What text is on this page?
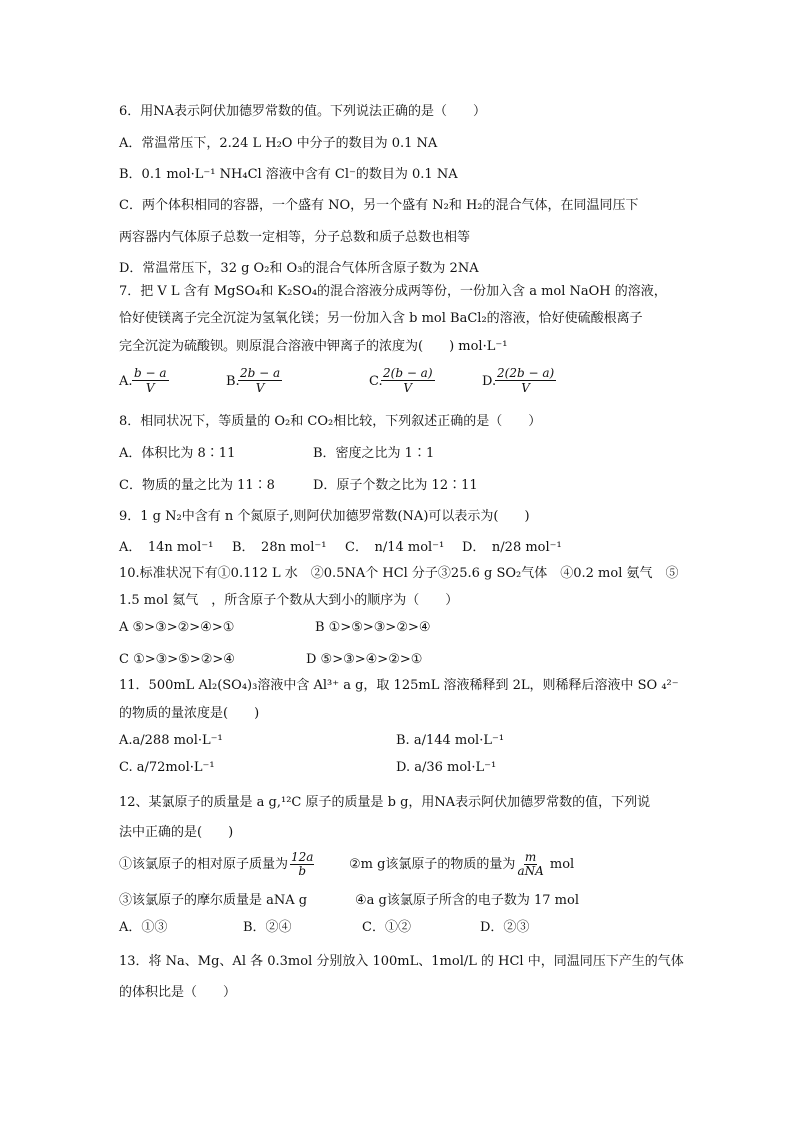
6．用NA表示阿伏加德罗常数的值。下列说法正确的是（　　）
A．常温常压下，2.24 L H₂O 中分子的数目为 0.1 NA
B．0.1 mol·L⁻¹ NH₄Cl 溶液中含有 Cl⁻的数目为 0.1 NA
C．两个体积相同的容器，一个盛有 NO，另一个盛有 N₂和 H₂的混合气体，在同温同压下
两容器内气体原子总数一定相等，分子总数和质子总数也相等
D．常温常压下，32 g O₂和 O₃的混合气体所含原子数为 2NA
7．把 V L 含有 MgSO₄和 K₂SO₄的混合溶液分成两等份，一份加入含 a mol NaOH 的溶液，
恰好使镁离子完全沉淀为氢氧化镁；另一份加入含 b mol BaCl₂的溶液，恰好使硫酸根离子
完全沉淀为硫酸钡。则原混合溶液中钾离子的浓度为(　　) mol·L⁻¹
A. $\frac{b - a}{V}$	B.
$\frac{2b - a}{V}$	C.
$\frac{2(b - a)}{V}$	D.
$\frac{2(2b - a)}{V}$
8．相同状况下，等质量的 O₂和 CO₂相比较，下列叙述正确的是（　　）
A．体积比为 8∶11	B．密度之比为 1∶1
C．物质的量之比为 11∶8	D．原子个数之比为 12∶11
9．1 g N₂中含有 n 个氮原子,则阿伏加德罗常数(NA)可以表示为(　　)
A．　14n mol⁻¹ B．　28n mol⁻¹ C．　n/14 mol⁻¹ D．　n/28 mol⁻¹
10.标准状况下有①0.112 L 水　②0.5NA个 HCl 分子③25.6 g SO₂气体　④0.2 mol 氨气　⑤
1.5 mol 氦气　，所含原子个数从大到小的顺序为（　　）
A ⑤>③>②>④>①	B ①>⑤>③>②>④
C ①>③>⑤>②>④	D ⑤>③>④>②>①
11．500mL Al₂(SO₄)₃溶液中含 Al³⁺ a g，取 125mL 溶液稀释到 2L，则稀释后溶液中 SO ₄²⁻
的物质的量浓度是(　　)
A.a/288 mol·L⁻¹	B. a/144 mol·L⁻¹
C. a/72mol·L⁻¹	D. a/36 mol·L⁻¹
12、某氯原子的质量是 a g,¹²C 原子的质量是 b g，用NA表示阿伏加德罗常数的值，下列说
法中正确的是(　　)
①该氯原子的相对原子质量为 $\frac{12a}{b}$	②m g该氯原子的物质的量为 $\frac{m}{\text{aNA}}$ mol
③该氯原子的摩尔质量是 aNA g	④a g该氯原子所含的电子数为 17 mol
A．①③	B．②④	C．①②	D．②③
13．将 Na、Mg、Al 各 0.3mol 分别放入 100mL、1mol/L 的 HCl 中，同温同压下产生的气体
的体积比是（　　）
